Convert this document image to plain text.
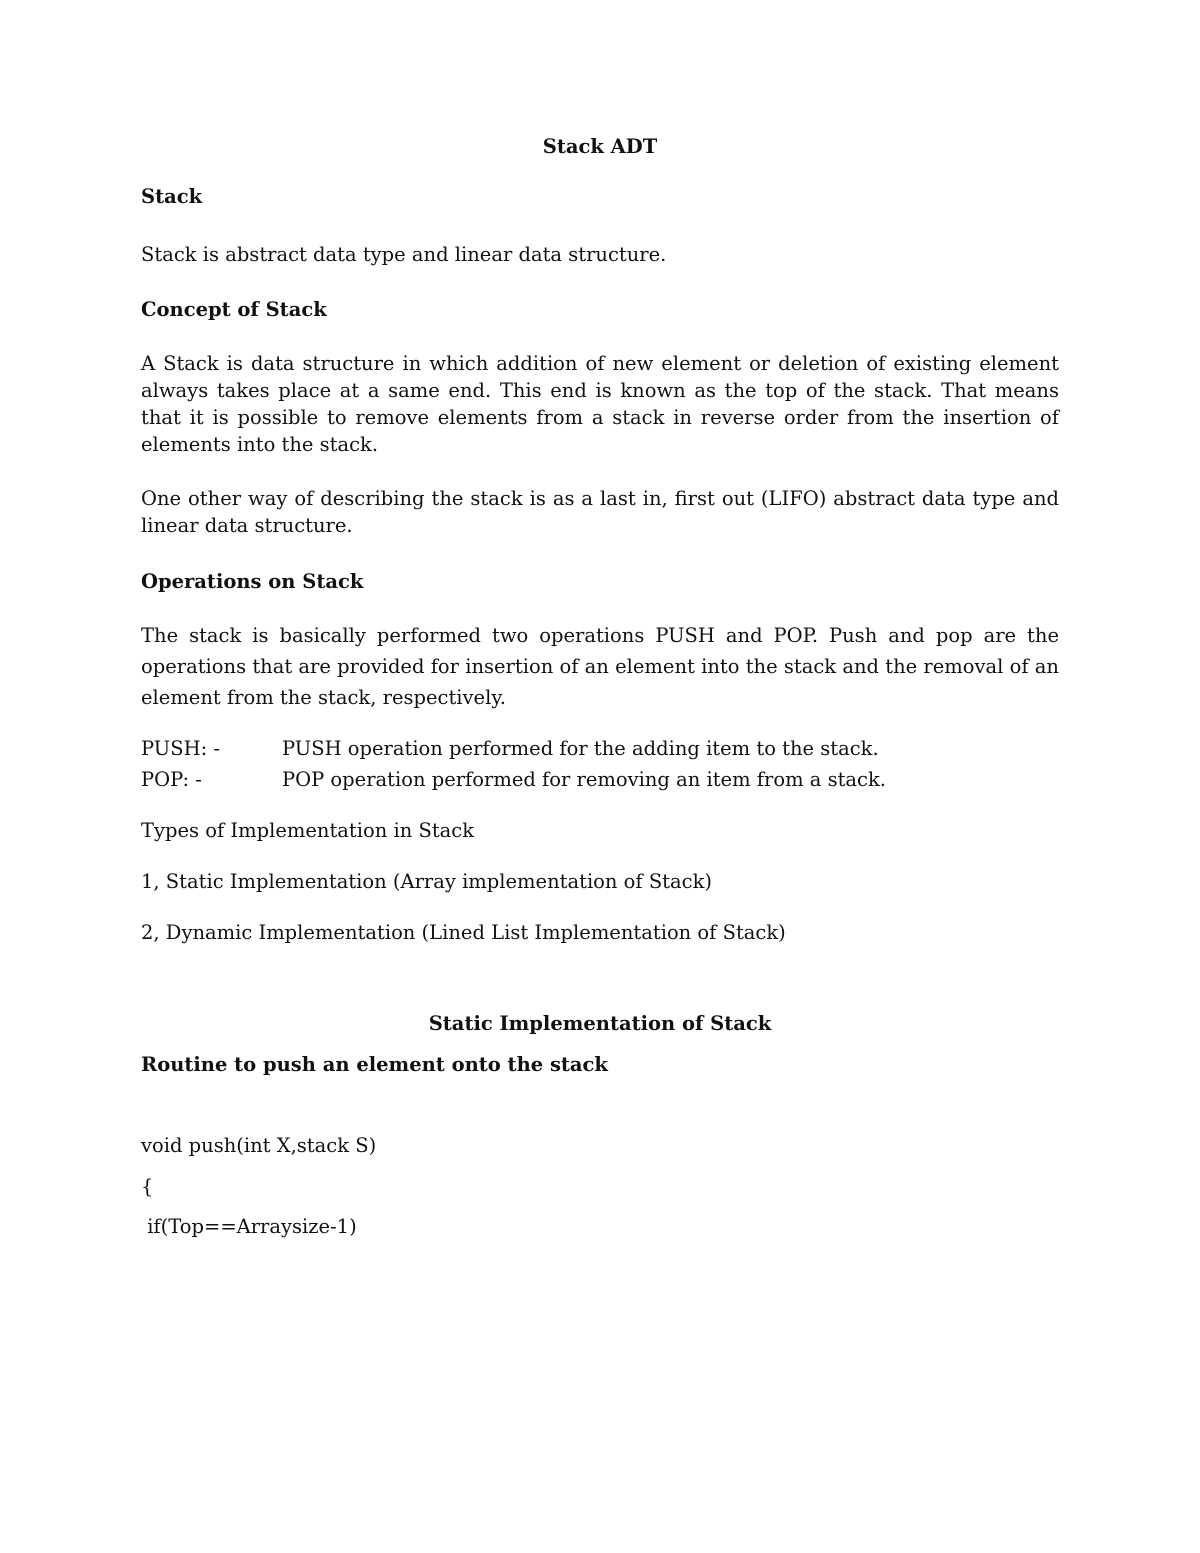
Stack ADT
Stack
Stack is abstract data type and linear data structure.
Concept of Stack
A Stack is data structure in which addition of new element or deletion of existing element always takes place at a same end. This end is known as the top of the stack. That means that it is possible to remove elements from a stack in reverse order from the insertion of elements into the stack.
One other way of describing the stack is as a last in, first out (LIFO) abstract data type and linear data structure.
Operations on Stack
The stack is basically performed two operations PUSH and POP. Push and pop are the operations that are provided for insertion of an element into the stack and the removal of an element from the stack, respectively.
PUSH: -	PUSH operation performed for the adding item to the stack.
POP: -	POP operation performed for removing an item from a stack.
Types of Implementation in Stack
1, Static Implementation (Array implementation of Stack)
2, Dynamic Implementation (Lined List Implementation of Stack)
Static Implementation of Stack
Routine to push an element onto the stack
void push(int X,stack S)
{
if(Top==Arraysize-1)
